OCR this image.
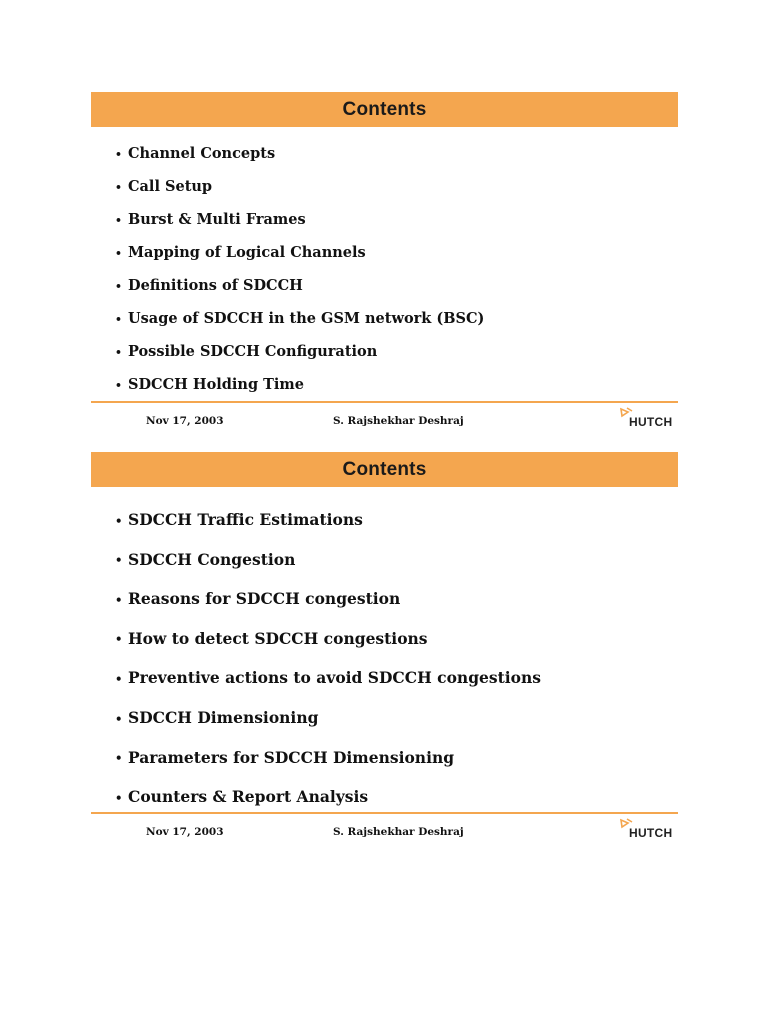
Contents
• Channel Concepts
• Call Setup
• Burst & Multi Frames
• Mapping of Logical Channels
• Definitions of SDCCH
• Usage of SDCCH in the GSM network (BSC)
• Possible SDCCH Configuration
• SDCCH Holding Time
Nov 17, 2003	S. Rajshekhar Deshraj	HUTCH
Contents
• SDCCH Traffic Estimations
• SDCCH Congestion
• Reasons for SDCCH congestion
• How to detect SDCCH congestions
• Preventive actions to avoid SDCCH congestions
• SDCCH Dimensioning
• Parameters for SDCCH Dimensioning
• Counters & Report Analysis
Nov 17, 2003	S. Rajshekhar Deshraj	HUTCH
